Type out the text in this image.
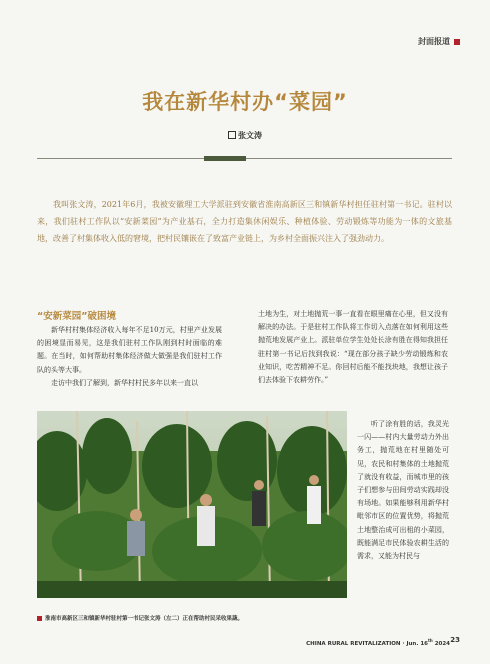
封面报道
我在新华村办“菜园”
张文涛
我叫张文涛，2021年6月，我被安徽理工大学派驻到安徽省淮南高新区三和镇新华村担任驻村第一书记。驻村以来，我们驻村工作队以“安新菜园”为产业基石，全力打造集休闲娱乐、种植体验、劳动锻炼等功能为一体的文旅基地，改善了村集体收入低的窘境，把村民镶嵌在了致富产业链上，为乡村全面振兴注入了强劲动力。
“安新菜园”破困境

新华村村集体经济收入每年不足10万元，村里产业发展的困境显而易见，这是我们驻村工作队刚到村时面临的难题。在当时，如何帮助村集体经济做大做强是我们驻村工作队的头等大事。

走访中我们了解到，新华村村民多年以来一直以

土地为生，对土地抛荒一事一直看在眼里痛在心里，但又没有解决的办法。于是驻村工作队将工作切入点落在如何利用这些抛荒地发展产业上。派驻单位学生处处长涂有胜在得知我担任驻村第一书记后找到我说：“现在部分孩子缺少劳动锻炼和农业知识，吃苦精神不足。你回村后能不能找块地，我想让孩子们去体验下农耕劳作。”

听了涂有胜的话，我灵光一闪——村内大量劳动力外出务工，抛荒地在村里随处可见，农民和村集体的土地抛荒了就没有收益，而城市里的孩子们想参与田间劳动实践却没有场地。如果能够利用新华村毗邻市区的位置优势，将抛荒土地整治成可出租的小菜园，既能满足市民体验农耕生活的需求，又能为村民与

淮南市高新区三和镇新华村驻村第一书记张文涛（左二）正在帮助村民采收果蔬。
CHINA RURAL REVITALIZATION · Jun. 16th 2024 23
